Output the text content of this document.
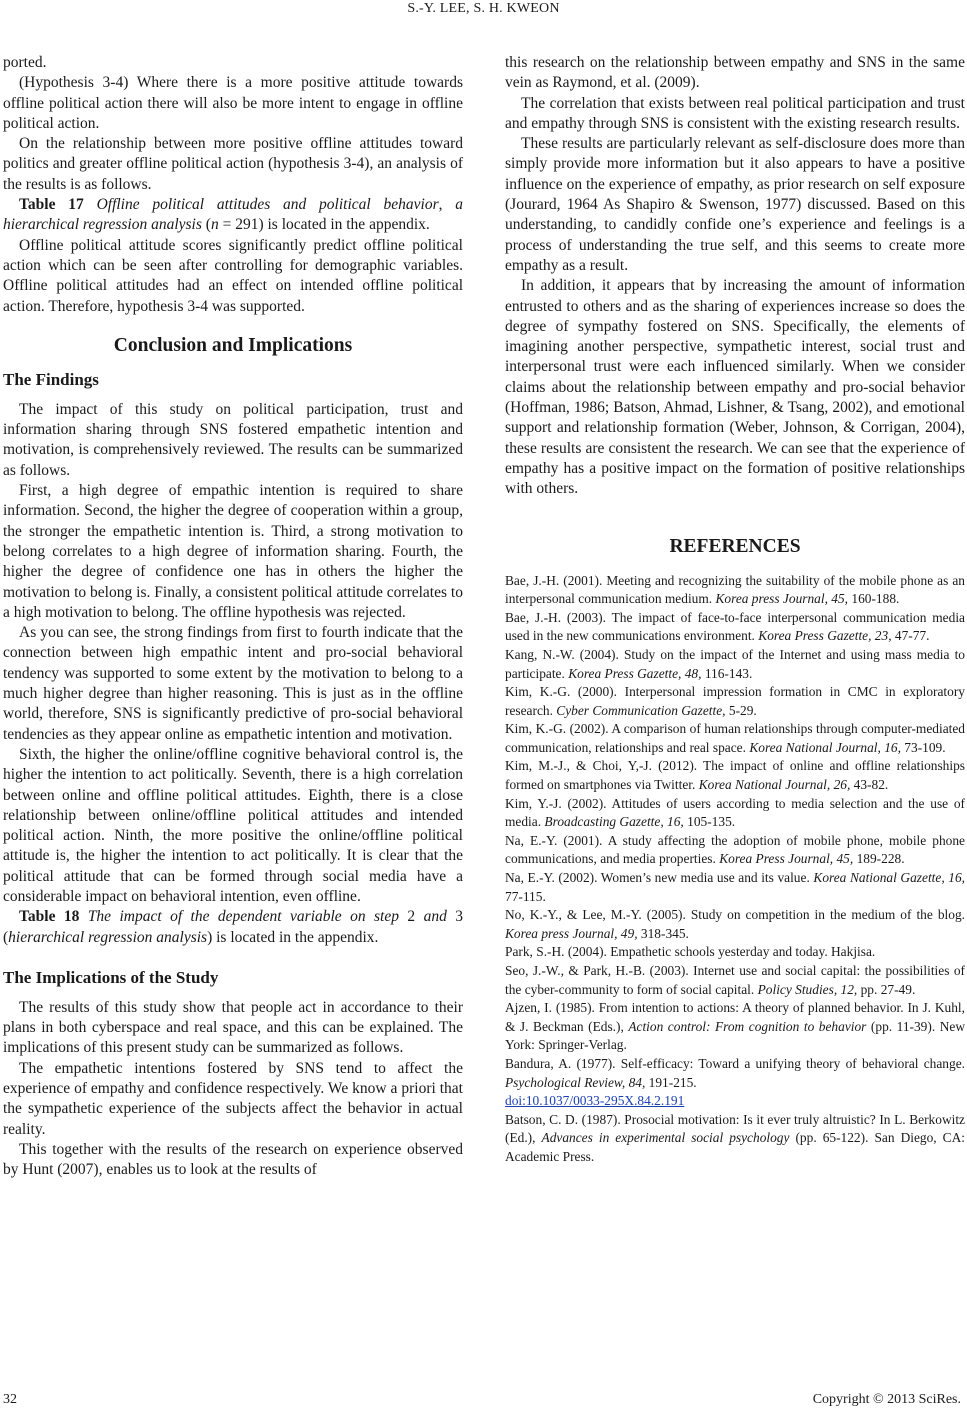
S.-Y. LEE, S. H. KWEON

ported.

(Hypothesis 3-4) Where there is a more positive attitude towards offline political action there will also be more intent to engage in offline political action.

On the relationship between more positive offline attitudes toward politics and greater offline political action (hypothesis 3-4), an analysis of the results is as follows.

Table 17 Offline political attitudes and political behavior, a hierarchical regression analysis (n = 291) is located in the appendix.

Offline political attitude scores significantly predict offline political action which can be seen after controlling for demographic variables. Offline political attitudes had an effect on intended offline political action. Therefore, hypothesis 3-4 was supported.

Conclusion and Implications
The Findings

The impact of this study on political participation, trust and information sharing through SNS fostered empathetic intention and motivation, is comprehensively reviewed. The results can be summarized as follows.

First, a high degree of empathic intention is required to share information. Second, the higher the degree of cooperation within a group, the stronger the empathetic intention is. Third, a strong motivation to belong correlates to a high degree of information sharing. Fourth, the higher the degree of confidence one has in others the higher the motivation to belong is. Finally, a consistent political attitude correlates to a high motivation to belong. The offline hypothesis was rejected.

As you can see, the strong findings from first to fourth indicate that the connection between high empathic intent and pro-social behavioral tendency was supported to some extent by the motivation to belong to a much higher degree than higher reasoning. This is just as in the offline world, therefore, SNS is significantly predictive of pro-social behavioral tendencies as they appear online as empathetic intention and motivation.

Sixth, the higher the online/offline cognitive behavioral control is, the higher the intention to act politically. Seventh, there is a high correlation between online and offline political attitudes. Eighth, there is a close relationship between online/offline political attitudes and intended political action. Ninth, the more positive the online/offline political attitude is, the higher the intention to act politically. It is clear that the political attitude that can be formed through social media have a considerable impact on behavioral intention, even offline.

Table 18 The impact of the dependent variable on step 2 and 3 (hierarchical regression analysis) is located in the appendix.

The Implications of the Study

The results of this study show that people act in accordance to their plans in both cyberspace and real space, and this can be explained. The implications of this present study can be summarized as follows.

The empathetic intentions fostered by SNS tend to affect the experience of empathy and confidence respectively. We know a priori that the sympathetic experience of the subjects affect the behavior in actual reality.

This together with the results of the research on experience observed by Hunt (2007), enables us to look at the results of

this research on the relationship between empathy and SNS in the same vein as Raymond, et al. (2009).

The correlation that exists between real political participation and trust and empathy through SNS is consistent with the existing research results.

These results are particularly relevant as self-disclosure does more than simply provide more information but it also appears to have a positive influence on the experience of empathy, as prior research on self exposure (Jourard, 1964 As Shapiro & Swenson, 1977) discussed. Based on this understanding, to candidly confide one’s experience and feelings is a process of understanding the true self, and this seems to create more empathy as a result.

In addition, it appears that by increasing the amount of information entrusted to others and as the sharing of experiences increase so does the degree of sympathy fostered on SNS. Specifically, the elements of imagining another perspective, sympathetic interest, social trust and interpersonal trust were each influenced similarly. When we consider claims about the relationship between empathy and pro-social behavior (Hoffman, 1986; Batson, Ahmad, Lishner, & Tsang, 2002), and emotional support and relationship formation (Weber, Johnson, & Corrigan, 2004), these results are consistent the research. We can see that the experience of empathy has a positive impact on the formation of positive relationships with others.

REFERENCES
Bae, J.-H. (2001). Meeting and recognizing the suitability of the mobile phone as an interpersonal communication medium. Korea press Journal, 45, 160-188.
Bae, J.-H. (2003). The impact of face-to-face interpersonal communication media used in the new communications environment. Korea Press Gazette, 23, 47-77.
Kang, N.-W. (2004). Study on the impact of the Internet and using mass media to participate. Korea Press Gazette, 48, 116-143.
Kim, K.-G. (2000). Interpersonal impression formation in CMC in exploratory research. Cyber Communication Gazette, 5-29.
Kim, K.-G. (2002). A comparison of human relationships through computer-mediated communication, relationships and real space. Korea National Journal, 16, 73-109.
Kim, M.-J., & Choi, Y,-J. (2012). The impact of online and offline relationships formed on smartphones via Twitter. Korea National Journal, 26, 43-82.
Kim, Y.-J. (2002). Attitudes of users according to media selection and the use of media. Broadcasting Gazette, 16, 105-135.
Na, E.-Y. (2001). A study affecting the adoption of mobile phone, mobile phone communications, and media properties. Korea Press Journal, 45, 189-228.
Na, E.-Y. (2002). Women’s new media use and its value. Korea National Gazette, 16, 77-115.
No, K.-Y., & Lee, M.-Y. (2005). Study on competition in the medium of the blog. Korea press Journal, 49, 318-345.
Park, S.-H. (2004). Empathetic schools yesterday and today. Hakjisa.
Seo, J.-W., & Park, H.-B. (2003). Internet use and social capital: the possibilities of the cyber-community to form of social capital. Policy Studies, 12, pp. 27-49.
Ajzen, I. (1985). From intention to actions: A theory of planned behavior. In J. Kuhl, & J. Beckman (Eds.), Action control: From cognition to behavior (pp. 11-39). New York: Springer-Verlag.
Bandura, A. (1977). Self-efficacy: Toward a unifying theory of behavioral change. Psychological Review, 84, 191-215.
doi:10.1037/0033-295X.84.2.191
Batson, C. D. (1987). Prosocial motivation: Is it ever truly altruistic? In L. Berkowitz (Ed.), Advances in experimental social psychology (pp. 65-122). San Diego, CA: Academic Press.
32	Copyright © 2013 SciRes.
